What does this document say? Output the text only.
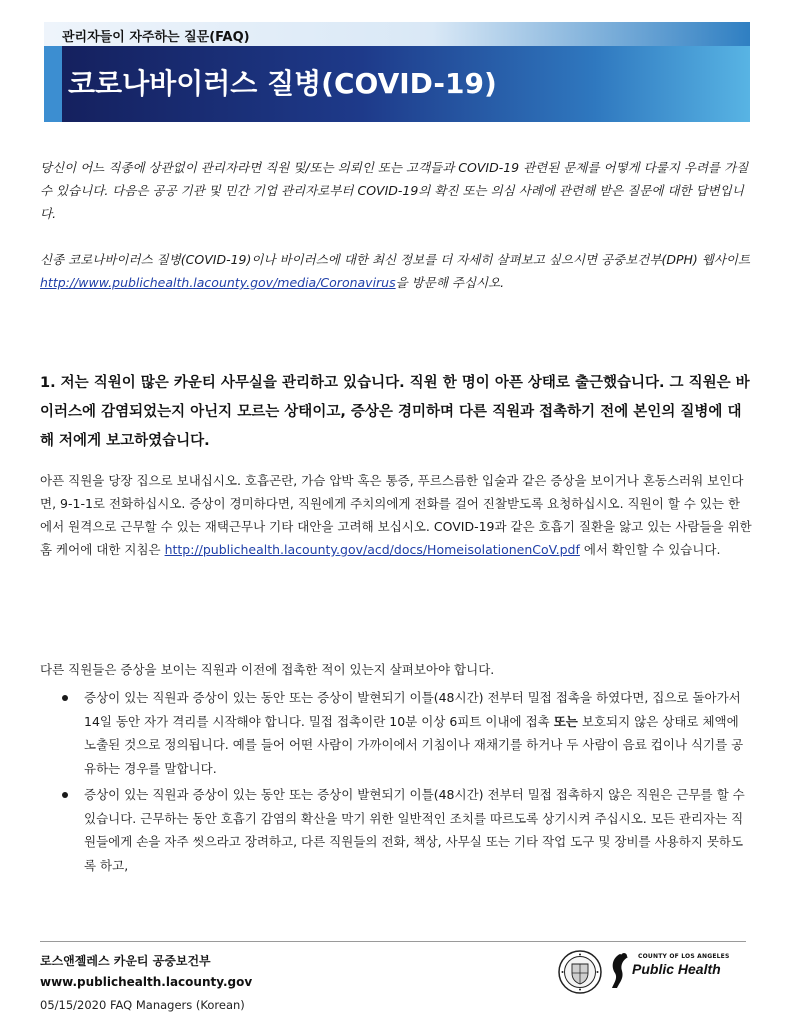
관리자들이 자주하는 질문(FAQ)
코로나바이러스 질병(COVID-19)

당신이 어느 직종에 상관없이 관리자라면 직원 및/또는 의뢰인 또는 고객들과 COVID-19 관련된 문제를 어떻게 다룰지 우려를 가질 수 있습니다. 다음은 공공 기관 및 민간 기업 관리자로부터 COVID-19의 확진 또는 의심 사례에 관련해 받은 질문에 대한 답변입니다.

신종 코로나바이러스 질병(COVID-19)이나 바이러스에 대한 최신 정보를 더 자세히 살펴보고 싶으시면 공중보건부(DPH) 웹사이트 http://www.publichealth.lacounty.gov/media/Coronavirus을 방문해 주십시오.

1. 저는 직원이 많은 카운티 사무실을 관리하고 있습니다. 직원 한 명이 아픈 상태로 출근했습니다. 그 직원은 바이러스에 감염되었는지 아닌지 모르는 상태이고, 증상은 경미하며 다른 직원과 접촉하기 전에 본인의 질병에 대해 저에게 보고하였습니다.

아픈 직원을 당장 집으로 보내십시오. 호흡곤란, 가슴 압박 혹은 통증, 푸르스름한 입술과 같은 증상을 보이거나 혼동스러워 보인다면, 9-1-1로 전화하십시오. 증상이 경미하다면, 직원에게 주치의에게 전화를 걸어 진찰받도록 요청하십시오. 직원이 할 수 있는 한에서 원격으로 근무할 수 있는 재택근무나 기타 대안을 고려해 보십시오. COVID-19과 같은 호흡기 질환을 앓고 있는 사람들을 위한 홈 케어에 대한 지침은 http://publichealth.lacounty.gov/acd/docs/HomeisolationenCoV.pdf 에서 확인할 수 있습니다.

다른 직원들은 증상을 보이는 직원과 이전에 접촉한 적이 있는지 살펴보아야 합니다.

증상이 있는 직원과 증상이 있는 동안 또는 증상이 발현되기 이틀(48시간) 전부터 밀접 접촉을 하였다면, 집으로 돌아가서 14일 동안 자가 격리를 시작해야 합니다. 밀접 접촉이란 10분 이상 6피트 이내에 접촉 또는 보호되지 않은 상태로 체액에 노출된 것으로 정의됩니다. 예를 들어 어떤 사람이 가까이에서 기침이나 재채기를 하거나 두 사람이 음료 컵이나 식기를 공유하는 경우를 말합니다.
증상이 있는 직원과 증상이 있는 동안 또는 증상이 발현되기 이틀(48시간) 전부터 밀접 접촉하지 않은 직원은 근무를 할 수 있습니다. 근무하는 동안 호흡기 감염의 확산을 막기 위한 일반적인 조치를 따르도록 상기시켜 주십시오. 모든 관리자는 직원들에게 손을 자주 씻으라고 장려하고, 다른 직원들의 전화, 책상, 사무실 또는 기타 작업 도구 및 장비를 사용하지 못하도록 하고,
로스앤젤레스 카운티 공중보건부
www.publichealth.lacounty.gov
05/15/2020 FAQ Managers (Korean)
COUNTY OF LOS ANGELES
Public Health
